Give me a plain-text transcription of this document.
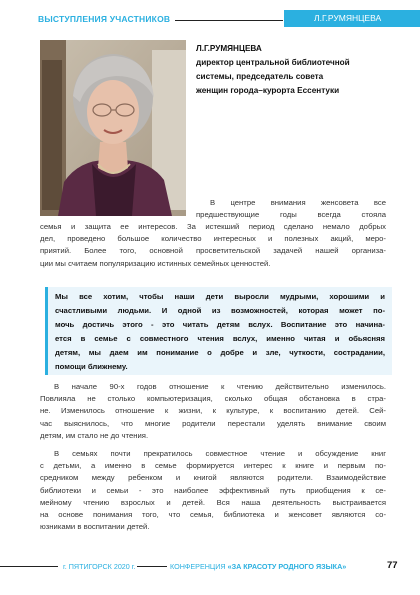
ВЫСТУПЛЕНИЯ УЧАСТНИКОВ	Л.Г.РУМЯНЦЕВА
Л.Г.РУМЯНЦЕВА
директор центральной библиотечной
системы, председатель совета
женщин города–курорта Ессентуки
В центре внимания женсовета все
предшествующие годы всегда стояла
семья и защита ее интересов. За истекший период сделано немало добрых
дел, проведено большое количество интересных и полезных акций, меро-
приятий. Более того, основной просветительской задачей нашей организа-
ции мы считаем популяризацию истинных семейных ценностей.
Мы все хотим, чтобы наши дети выросли мудрыми, хорошими и
счастливыми людьми. И одной из возможностей, которая может по-
мочь достичь этого - это читать детям вслух. Воспитание это начина-
ется в семье с совместного чтения вслух, именно читая и обьясняя
детям, мы даем им понимание о добре и зле, чуткости, сострадании,
помощи ближнему.
В начале 90-х годов отношение к чтению действительно изменилось.
Повлияла не столько компьютеризация, сколько общая обстановка в стра-
не. Изменилось отношение к жизни, к культуре, к воспитанию детей. Сей-
час выяснилось, что многие родители перестали уделять внимание своим
детям, им стало не до чтения.
В семьях почти прекратилось совместное чтение и обсуждение книг
с детьми, а именно в семье формируется интерес к книге и первым по-
средником между ребенком и книгой являются родители. Взаимодействие
библиотеки и семьи - это наиболее эффективный путь приобщения к се-
мейному чтению взрослых и детей. Вся наша деятельность выстраивается
на основе понимания того, что семья, библиотека и женсовет являются со-
юзниками в воспитании детей.
г. ПЯТИГОРСК 2020 г.	КОНФЕРЕНЦИЯ «ЗА КРАСОТУ РОДНОГО ЯЗЫКА»	77
